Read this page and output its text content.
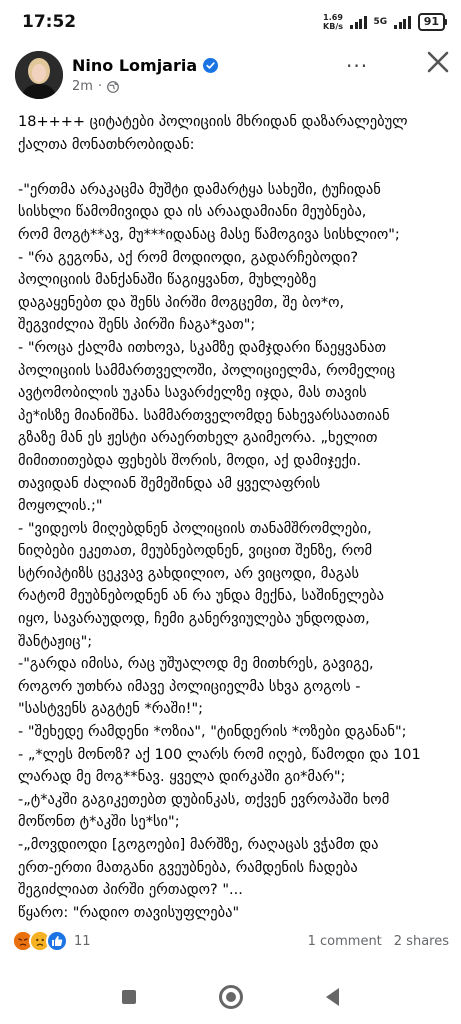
17:52	1.69
KB/s	5G	91
Nino Lomjaria
2m ·
···
18++++ ციტატები პოლიციის მხრიდან დაზარალებულ
ქალთა მონათხრობიდან:

-"ერთმა არაკაცმა მუშტი დამარტყა სახეში, ტუჩიდან
სისხლი წამომივიდა და ის არაადამიანი მეუბნება,
რომ მოგტ**ავ, მუ***იდანაც მასე წამოგივა სისხლიო";
- "რა გეგონა, აქ რომ მოდიოდი, გადარჩებოდი?
პოლიციის მანქანაში წაგიყვანთ, მუხლებზე
დაგაყენებთ და შენს პირში მოგცემთ, შე ბო*ო,
შეგვიძლია შენს პირში ჩაგა*ვათ";
- "როცა ქალმა ითხოვა, სკამზე დამჯდარი წაეყვანათ
პოლიციის სამმართველოში, პოლიციელმა, რომელიც
ავტომობილის უკანა სავარძელზე იჯდა, მას თავის
პე*ისზე მიანიშნა. სამმართველომდე ნახევარსაათიან
გზაზე მან ეს ჟესტი არაერთხელ გაიმეორა. „ხელით
მიმითითებდა ფეხებს შორის, მოდი, აქ დამიჯექი.
თავიდან ძალიან შემეშინდა ამ ყველაფრის
მოყოლის.;"
- "ვიდეოს მიღებდნენ პოლიციის თანამშრომლები,
ნიღბები ეკეთათ, მეუბნებოდნენ, ვიცით შენზე, რომ
სტრიპტიზს ცეკვავ გახდილიო, არ ვიცოდი, მაგას
რატომ მეუბნებოდნენ ან რა უნდა მექნა, საშინელება
იყო, სავარაუდოდ, ჩემი განერვიულება უნდოდათ,
შანტაჟიც";
-"გარდა იმისა, რაც უშუალოდ მე მითხრეს, გავიგე,
როგორ უთხრა იმავე პოლიციელმა სხვა გოგოს -
"სასტვენს გაგტენ *რაში!";
- "შეხედე რამდენი *ოზია", "ტინდერის *ოზები დგანან";
- „*ლეს მონოზ? აქ 100 ლარს რომ იღებ, წამოდი და 101
ლარად მე მოგ**ნავ. ყველა დირკაში გი*მარ";
-„ტ*აკში გაგიკეთებთ დუბინკას, თქვენ ევროპაში ხომ
მოწონთ ტ*აკში სე*სი";
-„მოვდიოდი [გოგოები] მარშზე, რაღაცას ვჭამთ და
ერთ-ერთი მათგანი გვეუბნება, რამდენის ჩადება
შეგიძლიათ პირში ერთადო? "...
წყარო: "რადიო თავისუფლება"
11	1 comment 2 shares
